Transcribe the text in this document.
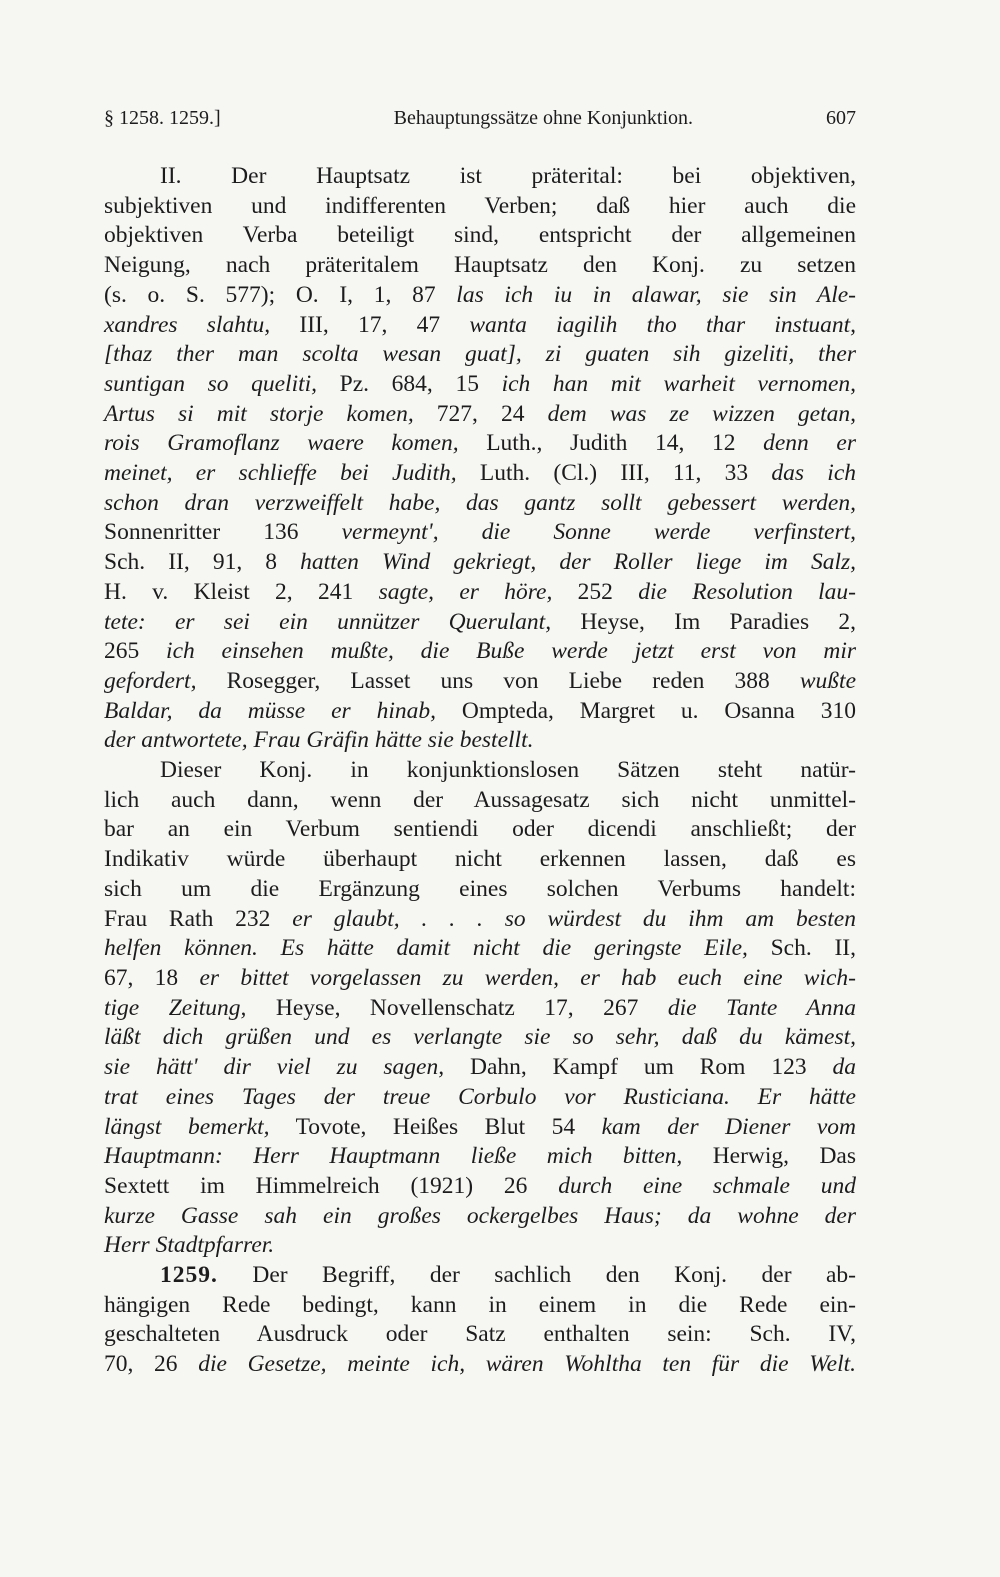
§ 1258. 1259.]	Behauptungssätze ohne Konjunktion.	607
II. Der Hauptsatz ist präterital: bei objektiven,
subjektiven und indifferenten Verben; daß hier auch die
objektiven Verba beteiligt sind, entspricht der allgemeinen
Neigung, nach präteritalem Hauptsatz den Konj. zu setzen
(s. o. S. 577); O. I, 1, 87 las ich iu in alawar, sie sin Ale-
xandres slahtu, III, 17, 47 wanta iagilih tho thar instuant,
[thaz ther man scolta wesan guat], zi guaten sih gizeliti, ther
suntigan so queliti, Pz. 684, 15 ich han mit warheit vernomen,
Artus si mit storje komen, 727, 24 dem was ze wizzen getan,
rois Gramoflanz waere komen, Luth., Judith 14, 12 denn er
meinet, er schlieffe bei Judith, Luth. (Cl.) III, 11, 33 das ich
schon dran verzweiffelt habe, das gantz sollt gebessert werden,
Sonnenritter 136 vermeynt', die Sonne werde verfinstert,
Sch. II, 91, 8 hatten Wind gekriegt, der Roller liege im Salz,
H. v. Kleist 2, 241 sagte, er höre, 252 die Resolution lau-
tete: er sei ein unnützer Querulant, Heyse, Im Paradies 2,
265 ich einsehen mußte, die Buße werde jetzt erst von mir
gefordert, Rosegger, Lasset uns von Liebe reden 388 wußte
Baldar, da müsse er hinab, Ompteda, Margret u. Osanna 310
der antwortete, Frau Gräfin hätte sie bestellt.
Dieser Konj. in konjunktionslosen Sätzen steht natür-
lich auch dann, wenn der Aussagesatz sich nicht unmittel-
bar an ein Verbum sentiendi oder dicendi anschließt; der
Indikativ würde überhaupt nicht erkennen lassen, daß es
sich um die Ergänzung eines solchen Verbums handelt:
Frau Rath 232 er glaubt, . . . so würdest du ihm am besten
helfen können. Es hätte damit nicht die geringste Eile, Sch. II,
67, 18 er bittet vorgelassen zu werden, er hab euch eine wich-
tige Zeitung, Heyse, Novellenschatz 17, 267 die Tante Anna
läßt dich grüßen und es verlangte sie so sehr, daß du kämest,
sie hätt' dir viel zu sagen, Dahn, Kampf um Rom 123 da
trat eines Tages der treue Corbulo vor Rusticiana. Er hätte
längst bemerkt, Tovote, Heißes Blut 54 kam der Diener vom
Hauptmann: Herr Hauptmann ließe mich bitten, Herwig, Das
Sextett im Himmelreich (1921) 26 durch eine schmale und
kurze Gasse sah ein großes ockergelbes Haus; da wohne der
Herr Stadtpfarrer.
1259. Der Begriff, der sachlich den Konj. der ab-
hängigen Rede bedingt, kann in einem in die Rede ein-
geschalteten Ausdruck oder Satz enthalten sein: Sch. IV,
70, 26 die Gesetze, meinte ich, wären Wohltha ten für die Welt.
